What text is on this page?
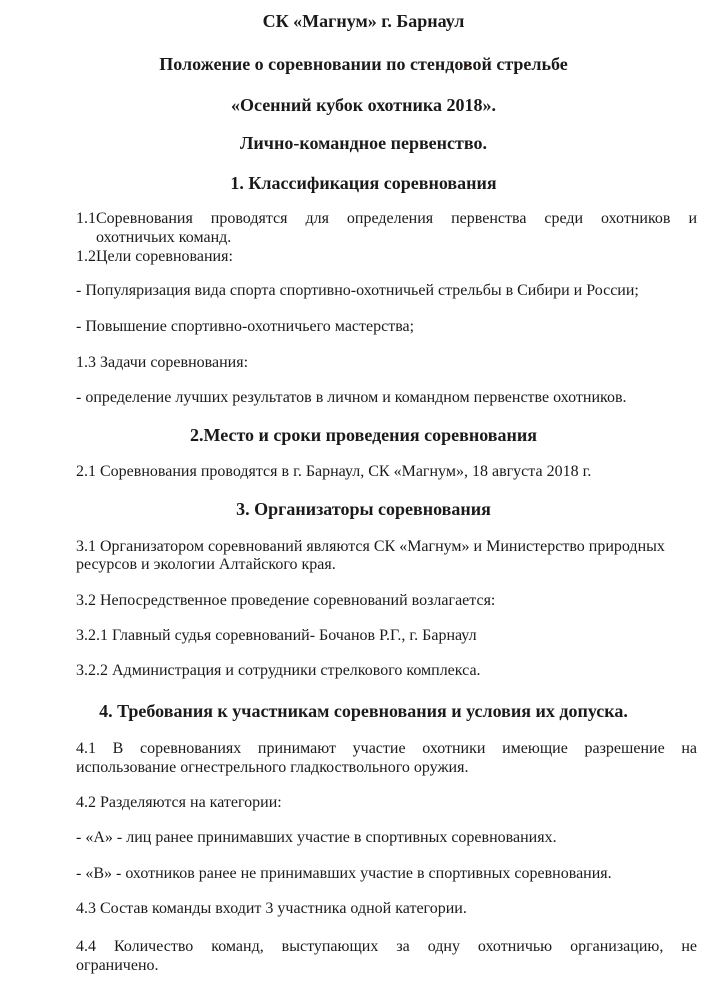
СК «Магнум» г. Барнаул
Положение о соревновании по стендовой стрельбе
«Осенний кубок охотника 2018».
Лично-командное первенство.
1. Классификация соревнования
1.1Соревнования проводятся для определения первенства среди охотников и
охотничьих команд.
1.2Цели соревнования:
- Популяризация вида спорта спортивно-охотничьей стрельбы в Сибири и России;
- Повышение спортивно-охотничьего мастерства;
1.3 Задачи соревнования:
- определение лучших результатов в личном и командном первенстве охотников.
2.Место и сроки проведения соревнования
2.1 Соревнования проводятся в г. Барнаул, СК «Магнум», 18 августа 2018 г.
3. Организаторы соревнования
3.1 Организатором соревнований являются СК «Магнум» и Министерство природных
ресурсов и экологии Алтайского края.
3.2 Непосредственное проведение соревнований возлагается:
3.2.1 Главный судья соревнований- Бочанов Р.Г., г. Барнаул
3.2.2 Администрация и сотрудники стрелкового комплекса.
4. Требования к участникам соревнования и условия их допуска.
4.1 В соревнованиях принимают участие охотники имеющие разрешение на
использование огнестрельного гладкоствольного оружия.
4.2 Разделяются на категории:
- «А» - лиц ранее принимавших участие в спортивных соревнованиях.
- «В» - охотников ранее не принимавших участие в спортивных соревнования.
4.3 Состав команды входит 3 участника одной категории.
4.4 Количество команд, выступающих за одну охотничью организацию, не
ограничено.
